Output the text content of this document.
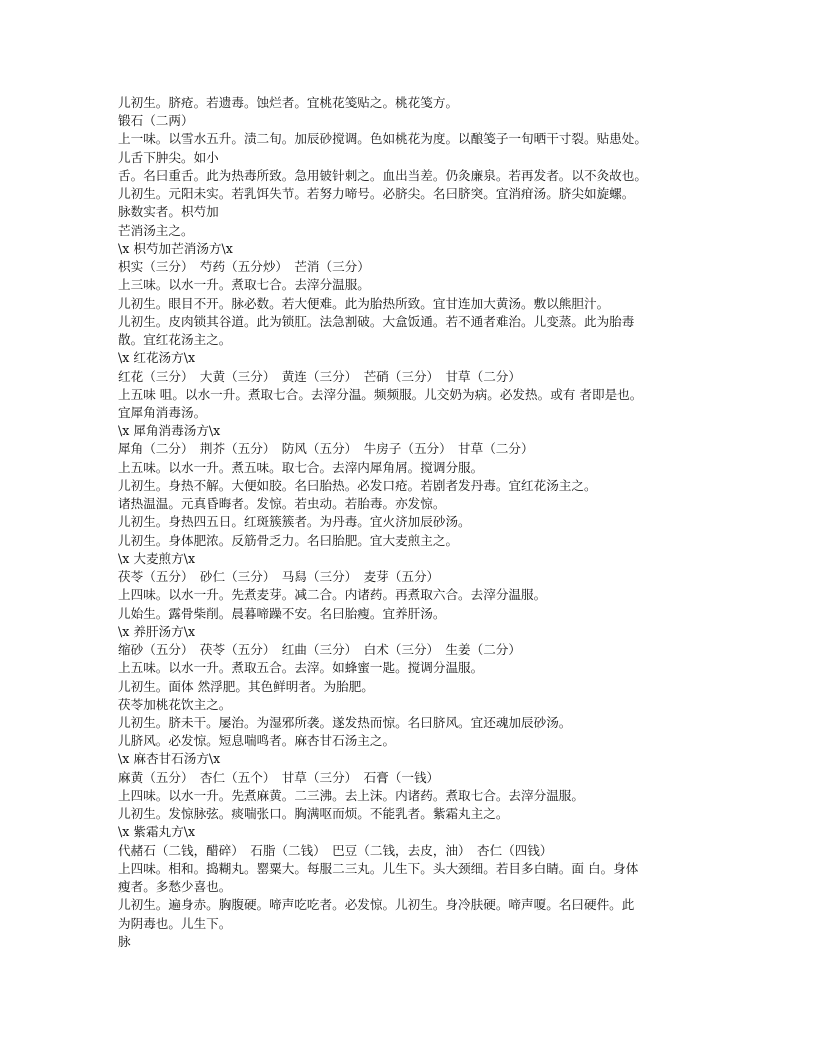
儿初生。脐疮。若遗毒。蚀烂者。宜桃花笺贴之。桃花笺方。
锻石（二两）
上一味。以雪水五升。渍二旬。加辰砂搅调。色如桃花为度。以酿笺子一旬晒干寸裂。贴患处。
儿舌下肿尖。如小
舌。名曰重舌。此为热毒所致。急用铍针刺之。血出当差。仍灸廉泉。若再发者。以不灸故也。
儿初生。元阳未实。若乳饵失节。若努力啼号。必脐尖。名曰脐突。宜消疳汤。脐尖如旋螺。
脉数实者。枳芍加
芒消汤主之。
\x 枳芍加芒消汤方\x
枳实（三分）　芍药（五分炒）　芒消（三分）
上三味。以水一升。煮取七合。去滓分温服。
儿初生。眼目不开。脉必数。若大便难。此为胎热所致。宜甘连加大黄汤。敷以熊胆汁。
儿初生。皮肉锁其谷道。此为锁肛。法急割破。大盒饭通。若不通者难治。儿变蒸。此为胎毒
散。宜红花汤主之。
\x 红花汤方\x
红花（三分）　大黄（三分）　黄连（三分）　芒硝（三分）　甘草（二分）
上五味 咀。以水一升。煮取七合。去滓分温。频频服。儿交奶为病。必发热。或有 者即是也。
宜犀角消毒汤。
\x 犀角消毒汤方\x
犀角（二分）　荆芥（五分）　防风（五分）　牛房子（五分）　甘草（二分）
上五味。以水一升。煮五味。取七合。去滓内犀角屑。搅调分服。
儿初生。身热不解。大便如胶。名曰胎热。必发口疮。若剧者发丹毒。宜红花汤主之。
诸热温温。元真昏晦者。发惊。若虫动。若胎毒。亦发惊。
儿初生。身热四五日。红斑簇簇者。为丹毒。宜火济加辰砂汤。
儿初生。身体肥浓。反筋骨乏力。名曰胎肥。宜大麦煎主之。
\x 大麦煎方\x
茯苓（五分）　砂仁（三分）　马舄（三分）　麦芽（五分）
上四味。以水一升。先煮麦芽。减二合。内诸药。再煮取六合。去滓分温服。
儿始生。露骨柴削。晨暮啼躁不安。名曰胎瘦。宜养肝汤。
\x 养肝汤方\x
缩砂（五分）　茯苓（五分）　红曲（三分）　白术（三分）　生姜（二分）
上五味。以水一升。煮取五合。去滓。如蜂蜜一匙。搅调分温服。
儿初生。面体 然浮肥。其色鲜明者。为胎肥。
茯苓加桃花饮主之。
儿初生。脐未干。屡治。为湿邪所袭。遂发热而惊。名曰脐风。宜还魂加辰砂汤。
儿脐风。必发惊。短息喘鸣者。麻杏甘石汤主之。
\x 麻杏甘石汤方\x
麻黄（五分）　杏仁（五个）　甘草（三分）　石膏（一钱）
上四味。以水一升。先煮麻黄。二三沸。去上沫。内诸药。煮取七合。去滓分温服。
儿初生。发惊脉弦。痰喘张口。胸满呕而烦。不能乳者。紫霜丸主之。
\x 紫霜丸方\x
代赭石（二钱，醋碎）　石脂（二钱）　巴豆（二钱，去皮，油）　杏仁（四钱）
上四味。相和。捣糊丸。罂粟大。每服二三丸。儿生下。头大颈细。若目多白睛。面 白。身体
瘦者。多愁少喜也。
儿初生。遍身赤。胸腹硬。啼声吃吃者。必发惊。儿初生。身冷肤硬。啼声嗄。名曰硬件。此
为阴毒也。儿生下。
脉
